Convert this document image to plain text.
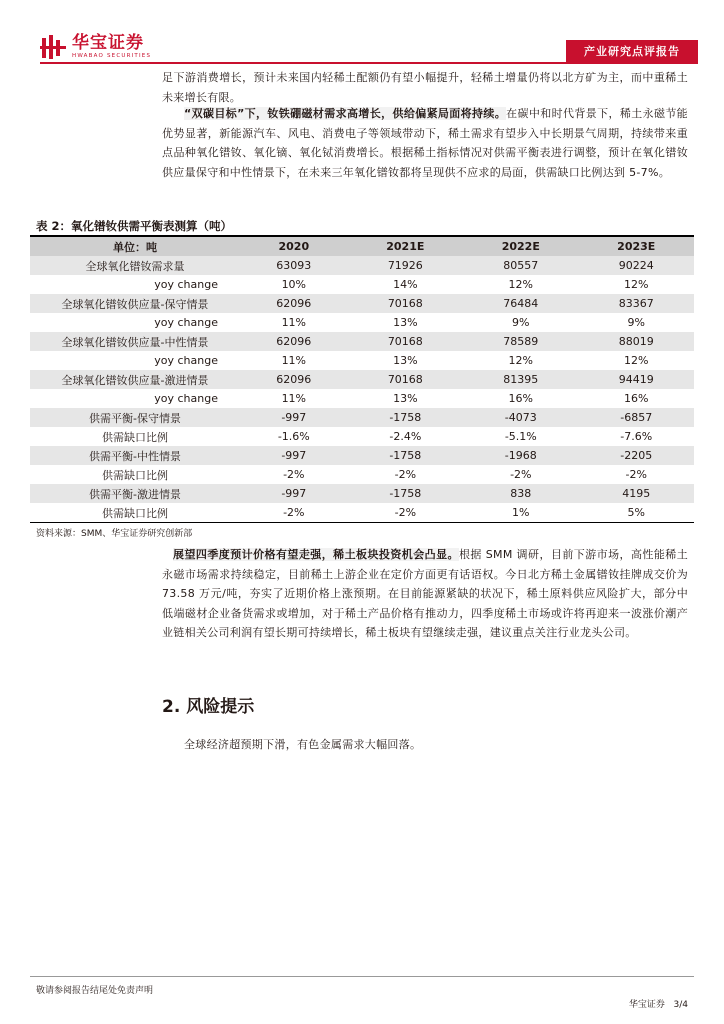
华宝证券
HWABAO SECURITIES	产业研究点评报告
足下游消费增长，预计未来国内轻稀土配额仍有望小幅提升，轻稀土增量仍将以北方矿为主，而中重稀土未来增长有限。
“双碳目标”下，钕铁硼磁材需求高增长，供给偏紧局面将持续。在碳中和时代背景下，稀土永磁节能优势显著，新能源汽车、风电、消费电子等领域带动下，稀土需求有望步入中长期景气周期，持续带来重点品种氧化镨钕、氧化镝、氧化铽消费增长。根据稀土指标情况对供需平衡表进行调整，预计在氧化镨钕供应量保守和中性情景下，在未来三年氧化镨钕都将呈现供不应求的局面，供需缺口比例达到 5-7%。
表 2：氧化镨钕供需平衡表测算（吨）
单位：吨	2020	2021E	2022E	2023E
全球氧化镨钕需求量	63093	71926	80557	90224
yoy change	10%	14%	12%	12%
全球氧化镨钕供应量-保守情景	62096	70168	76484	83367
yoy change	11%	13%	9%	9%
全球氧化镨钕供应量-中性情景	62096	70168	78589	88019
yoy change	11%	13%	12%	12%
全球氧化镨钕供应量-激进情景	62096	70168	81395	94419
yoy change	11%	13%	16%	16%
供需平衡-保守情景	-997	-1758	-4073	-6857
供需缺口比例	-1.6%	-2.4%	-5.1%	-7.6%
供需平衡-中性情景	-997	-1758	-1968	-2205
供需缺口比例	-2%	-2%	-2%	-2%
供需平衡-激进情景	-997	-1758	838	4195
供需缺口比例	-2%	-2%	1%	5%
资料来源：SMM、华宝证券研究创新部
展望四季度预计价格有望走强，稀土板块投资机会凸显。根据 SMM 调研，目前下游市场，高性能稀土永磁市场需求持续稳定，目前稀土上游企业在定价方面更有话语权。今日北方稀土金属镨钕挂牌成交价为 73.58 万元/吨，夯实了近期价格上涨预期。在目前能源紧缺的状况下，稀土原料供应风险扩大，部分中低端磁材企业备货需求或增加，对于稀土产品价格有推动力，四季度稀土市场或许将再迎来一波涨价潮产业链相关公司利润有望长期可持续增长，稀土板块有望继续走强，建议重点关注行业龙头公司。
2. 风险提示
全球经济超预期下滑，有色金属需求大幅回落。
敬请参阅报告结尾处免责声明
华宝证券 3/4
